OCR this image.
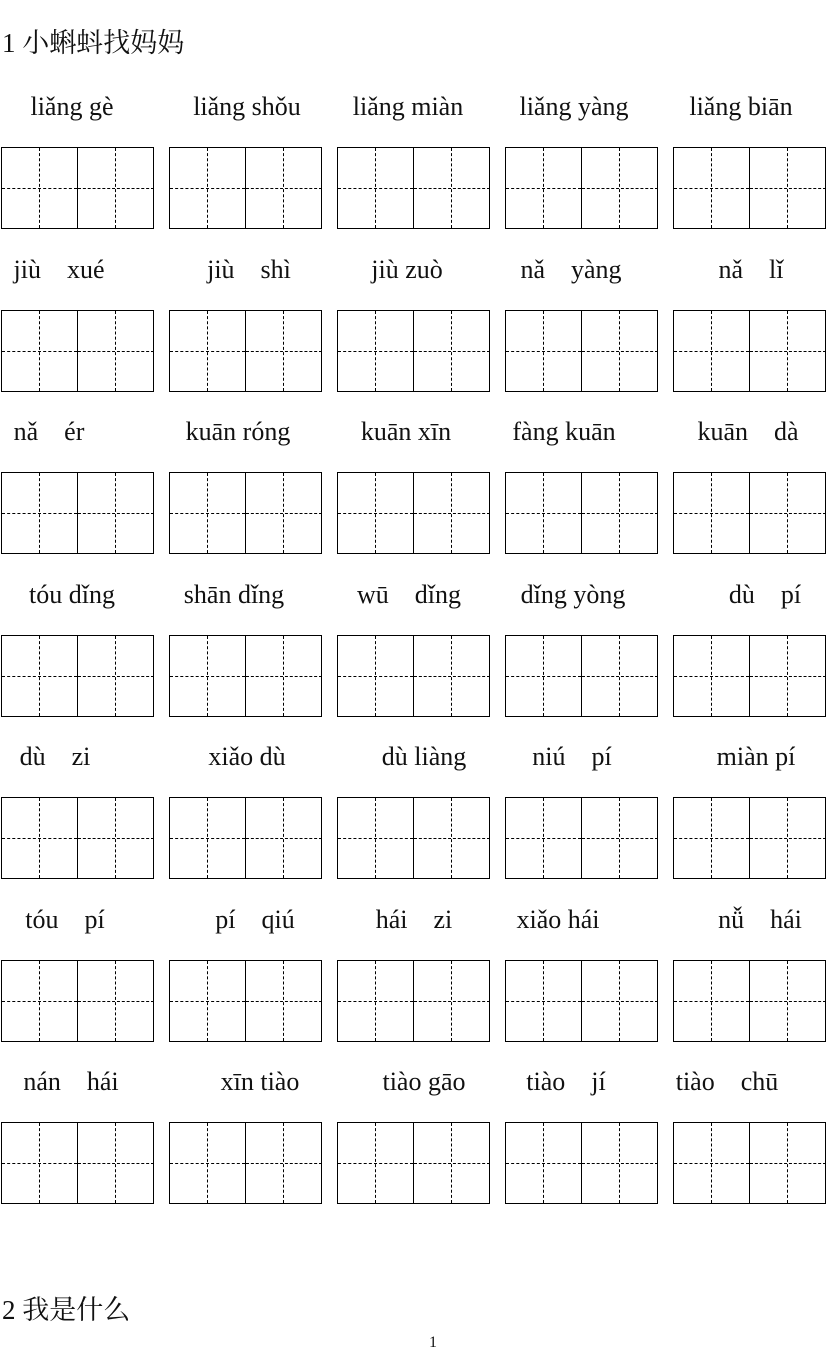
1 小蝌蚪找妈妈
liǎng gè	liǎng shǒu	liǎng miàn	liǎng yàng	liǎng biān
jiù    xué	jiù    shì	jiù zuò	nǎ    yàng	nǎ    lǐ
nǎ    ér	kuān róng	kuān xīn	fàng kuān	kuān    dà
tóu dǐng	shān dǐng	wū    dǐng	dǐng yòng	dù    pí
dù    zi	xiǎo dù	dù liàng	niú    pí	miàn pí
tóu    pí	pí    qiú	hái    zi	xiǎo hái	nǚ    hái
nán    hái	xīn tiào	tiào gāo	tiào    jí	tiào    chū
2 我是什么
1
